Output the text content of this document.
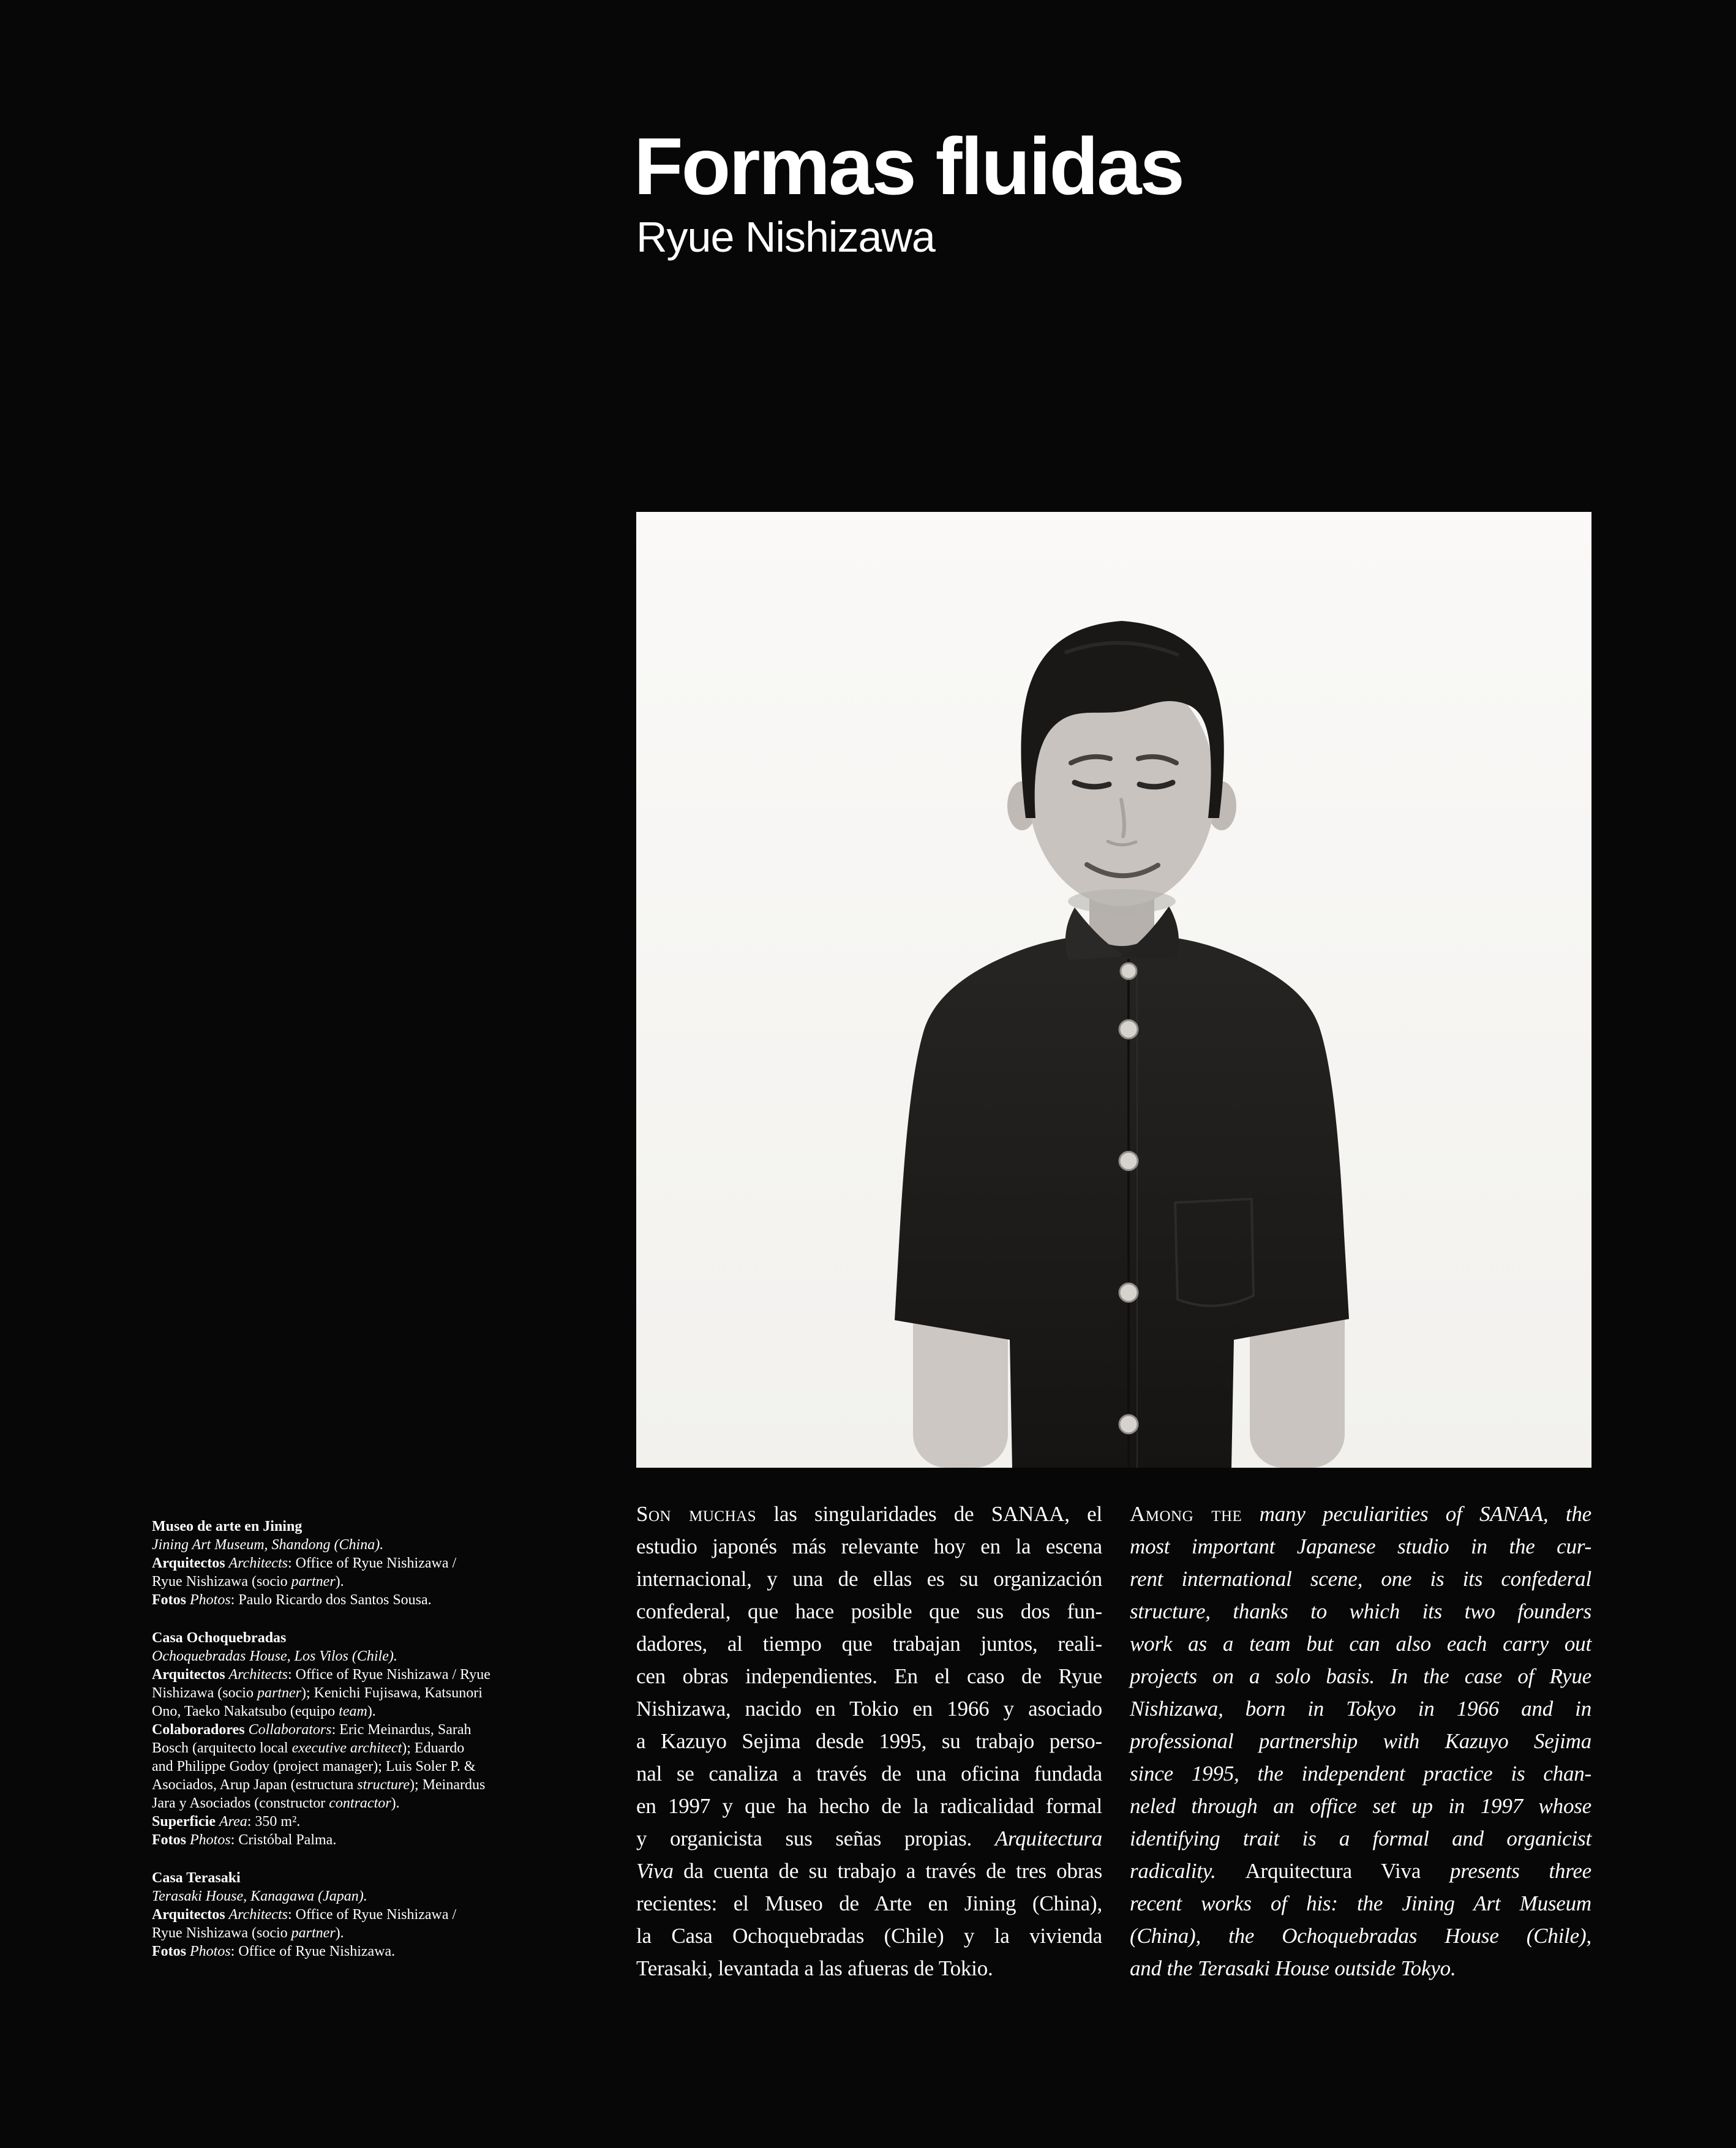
Formas fluidas
Ryue Nishizawa
Museo de arte en Jining
Jining Art Museum, Shandong (China).
Arquitectos Architects: Office of Ryue Nishizawa /
Ryue Nishizawa (socio partner).
Fotos Photos: Paulo Ricardo dos Santos Sousa.
Casa Ochoquebradas
Ochoquebradas House, Los Vilos (Chile).
Arquitectos Architects: Office of Ryue Nishizawa / Ryue
Nishizawa (socio partner); Kenichi Fujisawa, Katsunori
Ono, Taeko Nakatsubo (equipo team).
Colaboradores Collaborators: Eric Meinardus, Sarah
Bosch (arquitecto local executive architect); Eduardo
and Philippe Godoy (project manager); Luis Soler P. &
Asociados, Arup Japan (estructura structure); Meinardus
Jara y Asociados (constructor contractor).
Superficie Area: 350 m².
Fotos Photos: Cristóbal Palma.
Casa Terasaki
Terasaki House, Kanagawa (Japan).
Arquitectos Architects: Office of Ryue Nishizawa /
Ryue Nishizawa (socio partner).
Fotos Photos: Office of Ryue Nishizawa.
Son muchas las singularidades de SANAA, el
estudio japonés más relevante hoy en la escena
internacional, y una de ellas es su organización
confederal, que hace posible que sus dos fun-
dadores, al tiempo que trabajan juntos, reali-
cen obras independientes. En el caso de Ryue
Nishizawa, nacido en Tokio en 1966 y asociado
a Kazuyo Sejima desde 1995, su trabajo perso-
nal se canaliza a través de una oficina fundada
en 1997 y que ha hecho de la radicalidad formal
y organicista sus señas propias. Arquitectura
Viva da cuenta de su trabajo a través de tres obras
recientes: el Museo de Arte en Jining (China),
la Casa Ochoquebradas (Chile) y la vivienda
Terasaki, levantada a las afueras de Tokio.
Among the many peculiarities of SANAA, the
most important Japanese studio in the cur-
rent international scene, one is its confederal
structure, thanks to which its two founders
work as a team but can also each carry out
projects on a solo basis. In the case of Ryue
Nishizawa, born in Tokyo in 1966 and in
professional partnership with Kazuyo Sejima
since 1995, the independent practice is chan-
neled through an office set up in 1997 whose
identifying trait is a formal and organicist
radicality. Arquitectura Viva presents three
recent works of his: the Jining Art Museum
(China), the Ochoquebradas House (Chile),
and the Terasaki House outside Tokyo.
